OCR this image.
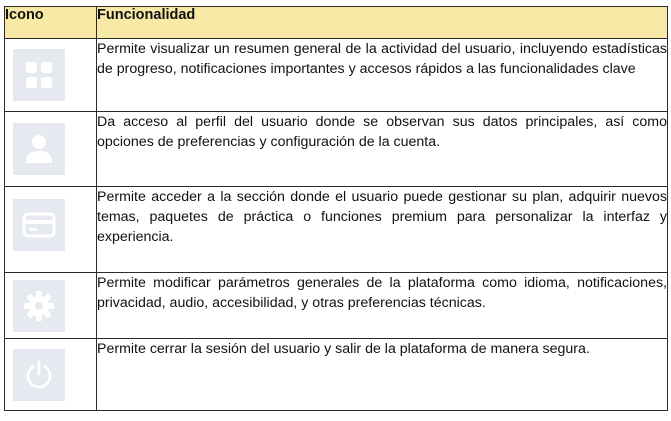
Icono	Funcionalidad

	Permite visualizar un resumen general de la actividad del usuario, incluyendo estadísticas de progreso, notificaciones importantes y accesos rápidos a las funcionalidades clave

	Da acceso al perfil del usuario donde se observan sus datos principales, así como opciones de preferencias y configuración de la cuenta.

	Permite acceder a la sección donde el usuario puede gestionar su plan, adquirir nuevos temas, paquetes de práctica o funciones premium para personalizar la interfaz y experiencia.

	Permite modificar parámetros generales de la plataforma como idioma, notificaciones, privacidad, audio, accesibilidad, y otras preferencias técnicas.

	Permite cerrar la sesión del usuario y salir de la plataforma de manera segura.
